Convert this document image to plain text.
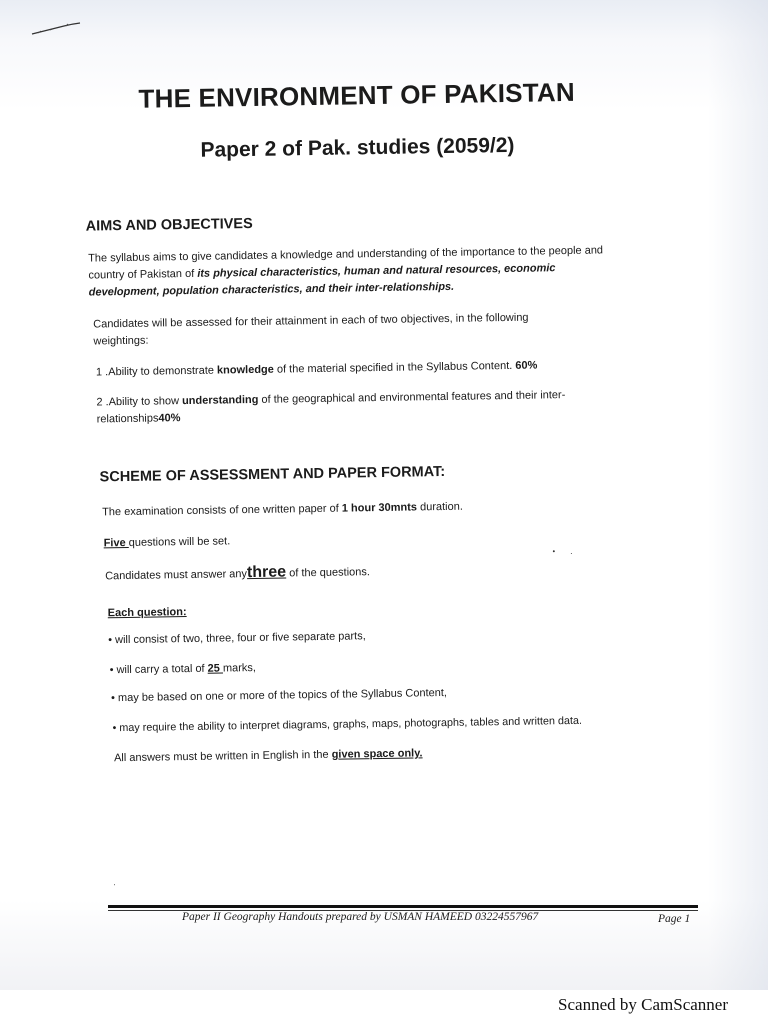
THE ENVIRONMENT OF PAKISTAN
Paper 2 of Pak. studies (2059/2)
AIMS AND OBJECTIVES
The syllabus aims to give candidates a knowledge and understanding of the importance to the people and country of Pakistan of its physical characteristics, human and natural resources, economic development, population characteristics, and their inter-relationships.
Candidates will be assessed for their attainment in each of two objectives, in the following
weightings:
1 .Ability to demonstrate knowledge of the material specified in the Syllabus Content. 60%
2 .Ability to show understanding of the geographical and environmental features and their inter-
relationships40%
SCHEME OF ASSESSMENT AND PAPER FORMAT:
The examination consists of one written paper of 1 hour 30mnts duration.
Five questions will be set.
Candidates must answer anythree of the questions.
Each question:
• will consist of two, three, four or five separate parts,
• will carry a total of 25 marks,
• may be based on one or more of the topics of the Syllabus Content,
• may require the ability to interpret diagrams, graphs, maps, photographs, tables and written data.
All answers must be written in English in the given space only.
Paper II Geography Handouts prepared by USMAN HAMEED 03224557967	Page 1
Scanned by CamScanner
